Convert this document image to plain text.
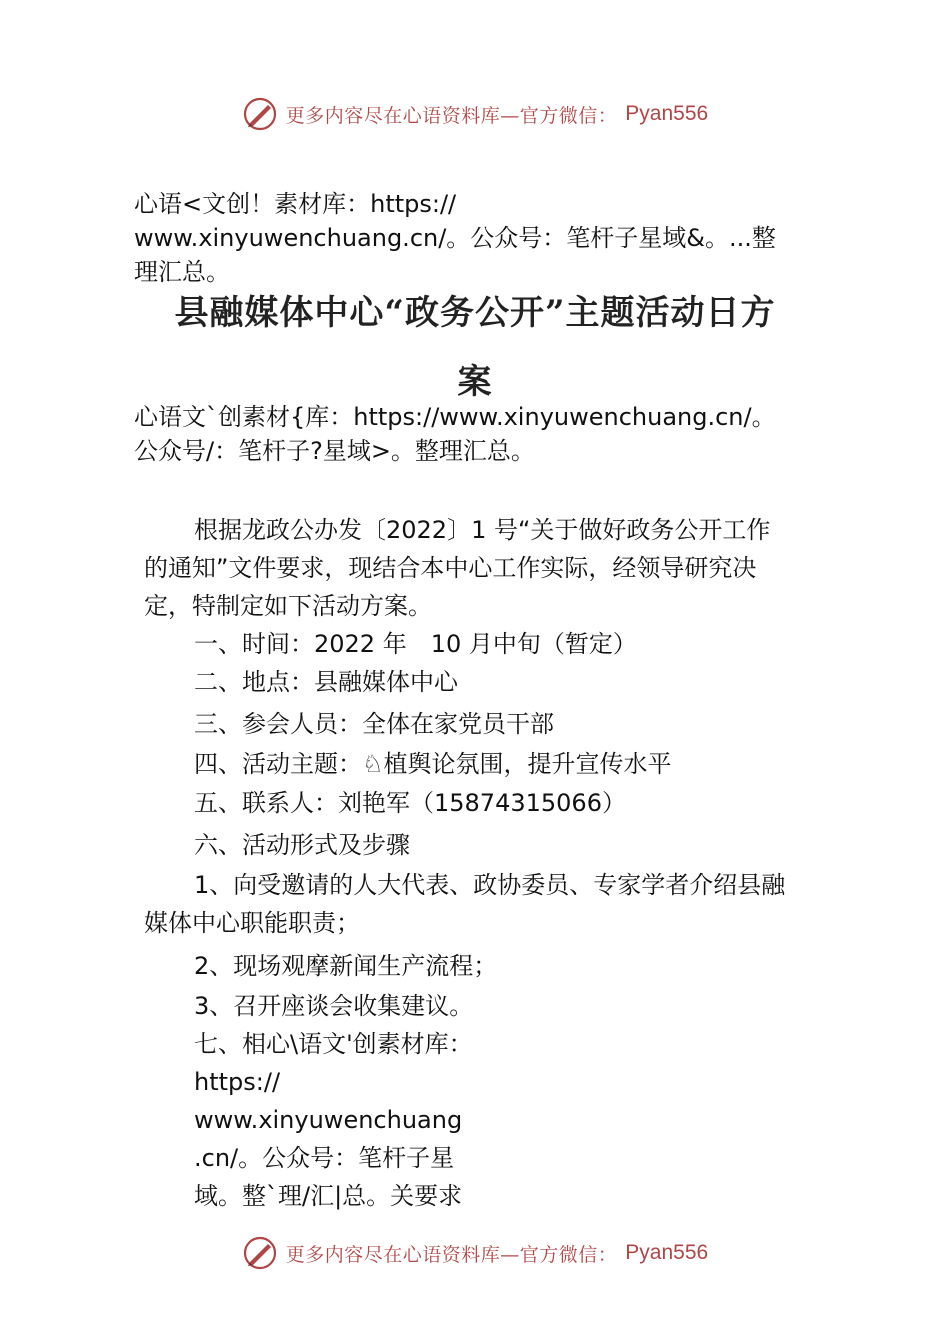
更多内容尽在心语资料库—官方微信： Pyan556
心语<文创！素材库：https://
www.xinyuwenchuang.cn/。公众号：笔杆子星域&。...整
理汇总。
县融媒体中心“政务公开”主题活动日方
案
心语文`创素材{库：https://www.xinyuwenchuang.cn/。
公众号/：笔杆子?星域>。整理汇总。
根据龙政公办发〔2022〕1 号“关于做好政务公开工作
的通知”文件要求，现结合本中心工作实际，经领导研究决
定，特制定如下活动方案。
一、时间：2022 年　10 月中旬（暂定）
二、地点：县融媒体中心
三、参会人员：全体在家党员干部
四、活动主题：♘植舆论氛围，提升宣传水平
五、联系人：刘艳军（15874315066）
六、活动形式及步骤
1、向受邀请的人大代表、政协委员、专家学者介绍县融
媒体中心职能职责；
2、现场观摩新闻生产流程；
3、召开座谈会收集建议。
七、相心\语文'创素材库：
https://
www.xinyuwenchuang
.cn/。公众号：笔杆子星
域。整`理/汇|总。关要求
更多内容尽在心语资料库—官方微信： Pyan556
